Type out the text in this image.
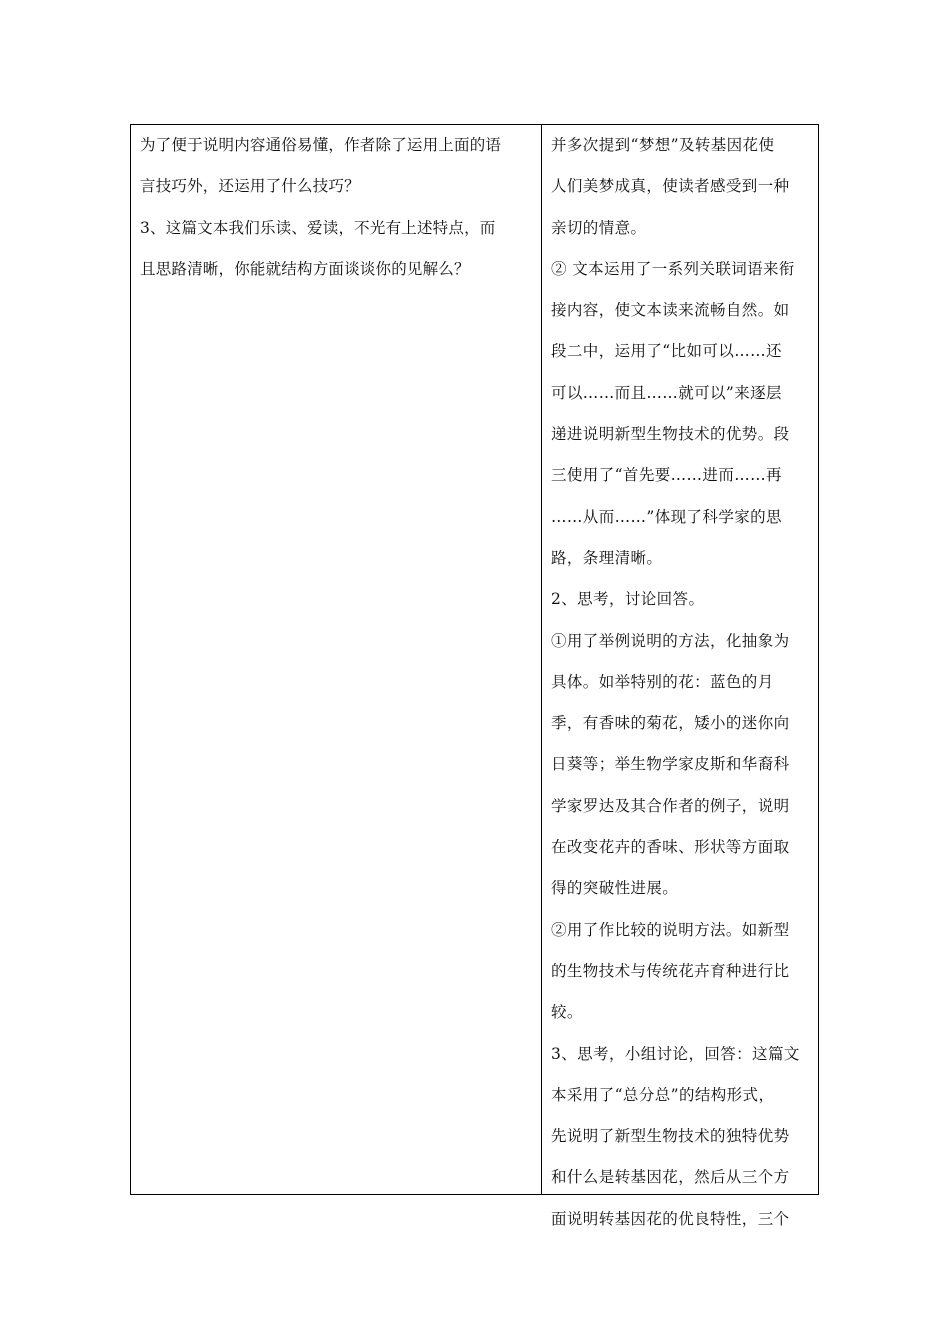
为了便于说明内容通俗易懂，作者除了运用上面的语
言技巧外，还运用了什么技巧？
3、这篇文本我们乐读、爱读，不光有上述特点，而
且思路清晰，你能就结构方面谈谈你的见解么？
并多次提到“梦想”及转基因花使
人们美梦成真，使读者感受到一种
亲切的情意。
② 文本运用了一系列关联词语来衔
接内容，使文本读来流畅自然。如
段二中，运用了“比如可以……还
可以……而且……就可以”来逐层
递进说明新型生物技术的优势。段
三使用了“首先要……进而……再
……从而……”体现了科学家的思
路，条理清晰。
2、思考，讨论回答。
①用了举例说明的方法，化抽象为
具体。如举特别的花：蓝色的月
季，有香味的菊花，矮小的迷你向
日葵等；举生物学家皮斯和华裔科
学家罗达及其合作者的例子，说明
在改变花卉的香味、形状等方面取
得的突破性进展。
②用了作比较的说明方法。如新型
的生物技术与传统花卉育种进行比
较。
3、思考，小组讨论，回答：这篇文
本采用了“总分总”的结构形式，
先说明了新型生物技术的独特优势
和什么是转基因花，然后从三个方
面说明转基因花的优良特性，三个
